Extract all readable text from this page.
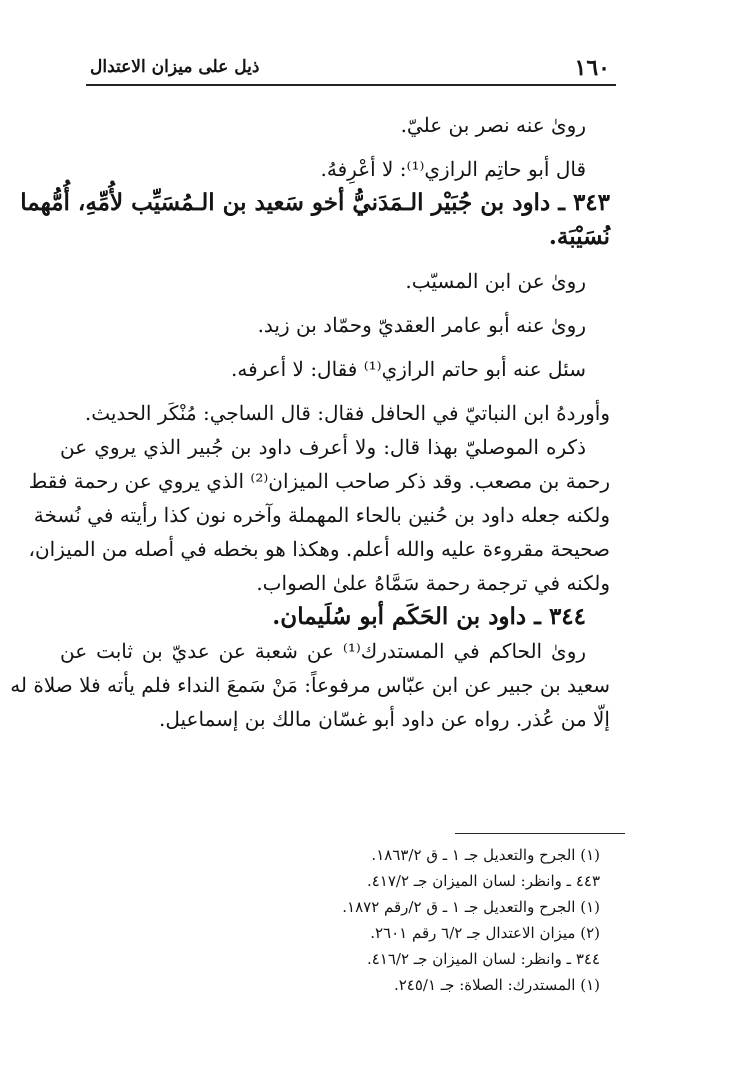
١٦٠
ذيل على ميزان الاعتدال

روىٰ عنه نصر بن عليّ.

قال أبو حاتِم الرازي⁽¹⁾: لا أعْرِفهُ.

٣٤٣ ـ داود بن جُبَيْر الـمَدَنيُّ أخو سَعيد بن الـمُسَيِّب لأُمِّهِ، أُمُّهما

نُسَيْبَة.

روىٰ عن ابن المسيّب.

روىٰ عنه أبو عامر العقديّ وحمّاد بن زيد.

سئل عنه أبو حاتم الرازي⁽¹⁾ فقال: لا أعرفه.

وأوردهُ ابن النباتيّ في الحافل فقال: قال الساجي: مُنْكَر الحديث.

ذكره الموصليّ بهذا قال: ولا أعرف داود بن جُبير الذي يروي عن

رحمة بن مصعب. وقد ذكر صاحب الميزان⁽²⁾ الذي يروي عن رحمة فقط

ولكنه جعله داود بن حُنين بالحاء المهملة وآخره نون كذا رأيته في نُسخة

صحيحة مقروءة عليه والله أعلم. وهكذا هو بخطه في أصله من الميزان،

ولكنه في ترجمة رحمة سَمَّاهُ علىٰ الصواب.

٣٤٤ ـ داود بن الحَكَم أبو سُلَيمان.

روىٰ الحاكم في المستدرك⁽¹⁾ عن شعبة عن عديّ بن ثابت عن

سعيد بن جبير عن ابن عبّاس مرفوعاً: مَنْ سَمعَ النداء فلم يأته فلا صلاة له

إلّا من عُذر. رواه عن داود أبو غسّان مالك بن إسماعيل.

(١) الجرح والتعديل جـ ١ ـ ق ١٨٦٣/٢.

٤٤٣ ـ وانظر: لسان الميزان جـ ٤١٧/٢.

(١) الجرح والتعديل جـ ١ ـ ق ٢/رقم ١٨٧٢.

(٢) ميزان الاعتدال جـ ٦/٢ رقم ٢٦٠١.

٣٤٤ ـ وانظر: لسان الميزان جـ ٤١٦/٢.

(١) المستدرك: الصلاة: جـ ٢٤٥/١.
